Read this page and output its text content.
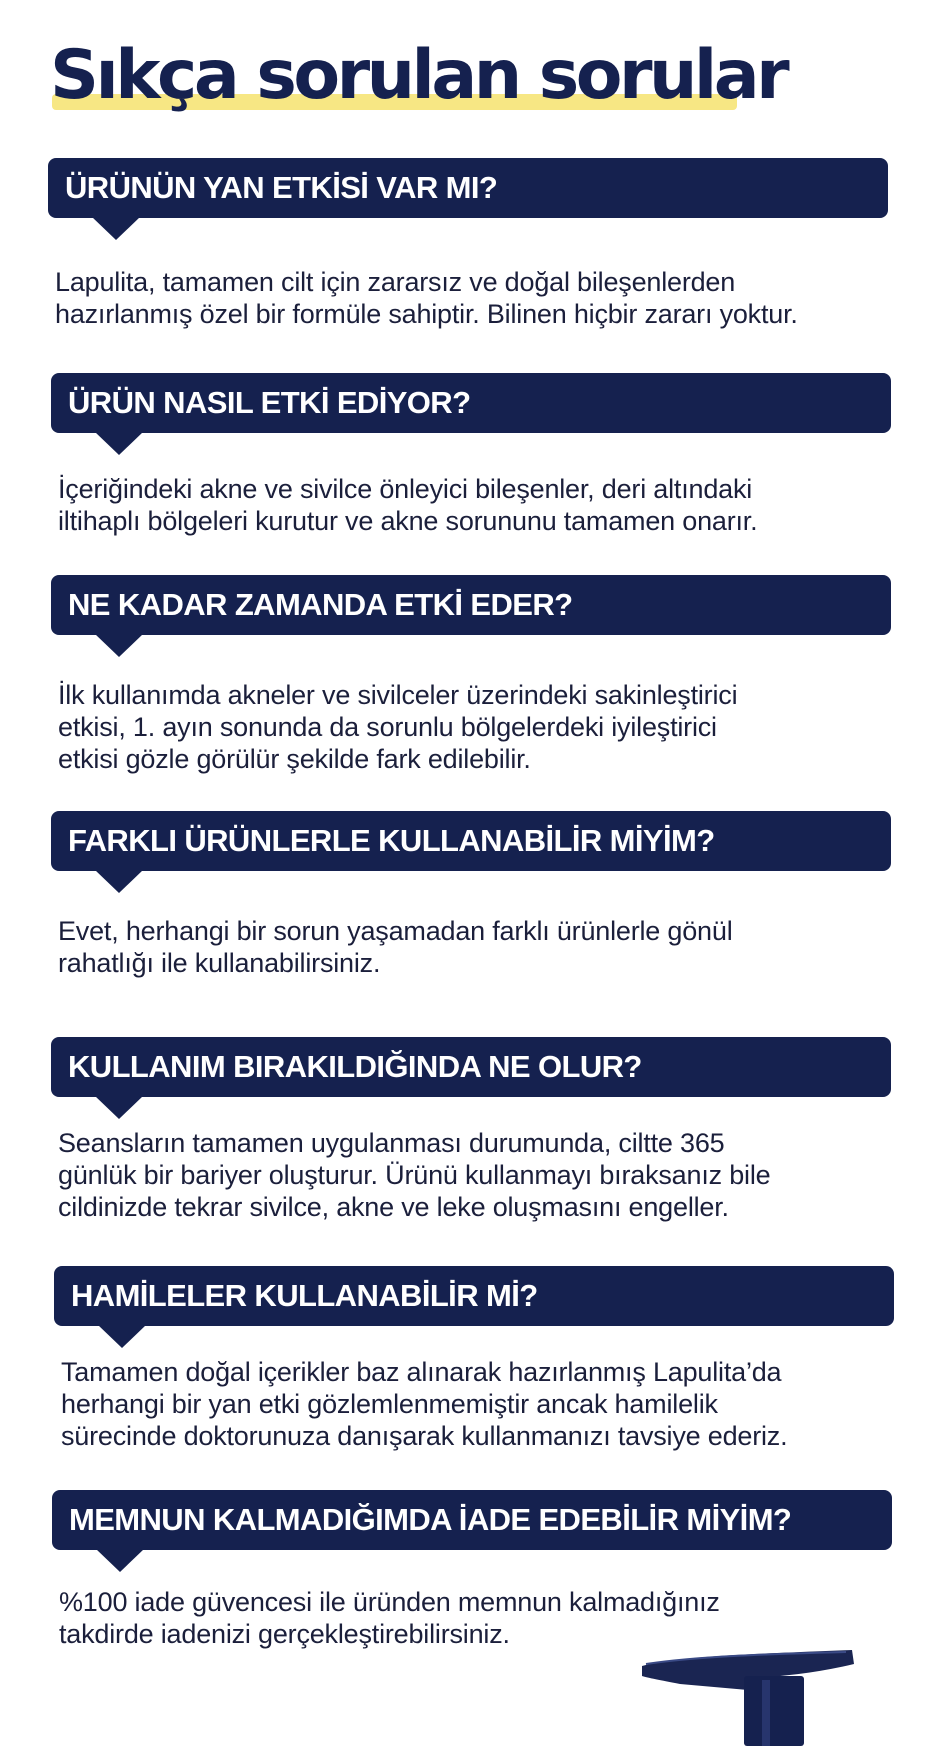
Sıkça sorulan sorular
ÜRÜNÜN YAN ETKİSİ VAR MI?
Lapulita, tamamen cilt için zararsız ve doğal bileşenlerden
hazırlanmış özel bir formüle sahiptir. Bilinen hiçbir zararı yoktur.
ÜRÜN NASIL ETKİ EDİYOR?
İçeriğindeki akne ve sivilce önleyici bileşenler, deri altındaki
iltihaplı bölgeleri kurutur ve akne sorununu tamamen onarır.
NE KADAR ZAMANDA ETKİ EDER?
İlk kullanımda akneler ve sivilceler üzerindeki sakinleştirici
etkisi, 1. ayın sonunda da sorunlu bölgelerdeki iyileştirici
etkisi gözle görülür şekilde fark edilebilir.
FARKLI ÜRÜNLERLE KULLANABİLİR MİYİM?
Evet, herhangi bir sorun yaşamadan farklı ürünlerle gönül
rahatlığı ile kullanabilirsiniz.
KULLANIM BIRAKILDIĞINDA NE OLUR?
Seansların tamamen uygulanması durumunda, ciltte 365
günlük bir bariyer oluşturur. Ürünü kullanmayı bıraksanız bile
cildinizde tekrar sivilce, akne ve leke oluşmasını engeller.
HAMİLELER KULLANABİLİR Mİ?
Tamamen doğal içerikler baz alınarak hazırlanmış Lapulita’da
herhangi bir yan etki gözlemlenmemiştir ancak hamilelik
sürecinde doktorunuza danışarak kullanmanızı tavsiye ederiz.
MEMNUN KALMADIĞIMDA İADE EDEBİLİR MİYİM?
%100 iade güvencesi ile üründen memnun kalmadığınız
takdirde iadenizi gerçekleştirebilirsiniz.
